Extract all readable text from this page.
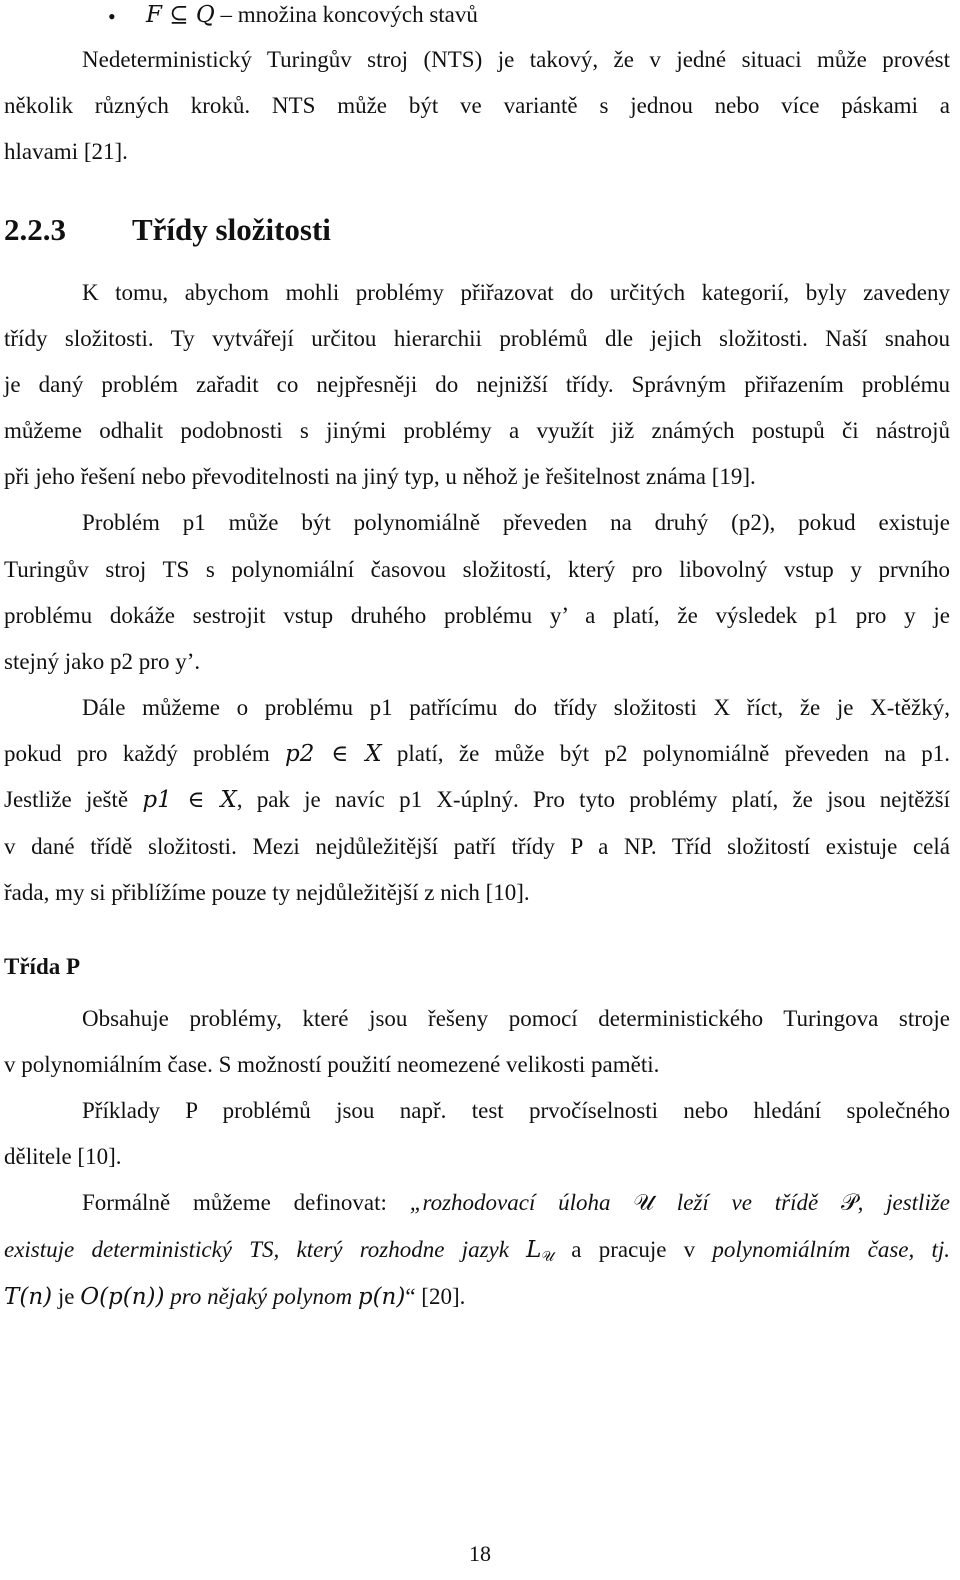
• F ⊆ Q – množina koncových stavů
Nedeterministický Turingův stroj (NTS) je takový, že v jedné situaci může provést
několik různých kroků. NTS může být ve variantě s jednou nebo více páskami a
hlavami [21].
2.2.3 Třídy složitosti
K tomu, abychom mohli problémy přiřazovat do určitých kategorií, byly zavedeny
třídy složitosti. Ty vytvářejí určitou hierarchii problémů dle jejich složitosti. Naší snahou
je daný problém zařadit co nejpřesněji do nejnižší třídy. Správným přiřazením problému
můžeme odhalit podobnosti s jinými problémy a využít již známých postupů či nástrojů
při jeho řešení nebo převoditelnosti na jiný typ, u něhož je řešitelnost známa [19].
Problém p1 může být polynomiálně převeden na druhý (p2), pokud existuje
Turingův stroj TS s polynomiální časovou složitostí, který pro libovolný vstup y prvního
problému dokáže sestrojit vstup druhého problému y’ a platí, že výsledek p1 pro y je
stejný jako p2 pro y’.
Dále můžeme o problému p1 patřícímu do třídy složitosti X říct, že je X-těžký,
pokud pro každý problém p2 ∈ X platí, že může být p2 polynomiálně převeden na p1.
Jestliže ještě p1 ∈ X, pak je navíc p1 X-úplný. Pro tyto problémy platí, že jsou nejtěžší
v dané třídě složitosti. Mezi nejdůležitější patří třídy P a NP. Tříd složitostí existuje celá
řada, my si přiblížíme pouze ty nejdůležitější z nich [10].
Třída P
Obsahuje problémy, které jsou řešeny pomocí deterministického Turingova stroje
v polynomiálním čase. S možností použití neomezené velikosti paměti.
Příklady P problémů jsou např. test prvočíselnosti nebo hledání společného
dělitele [10].
Formálně můžeme definovat: „rozhodovací úloha 𝒰 leží ve třídě 𝒫, jestliže
existuje deterministický TS, který rozhodne jazyk $L_𝒰$ a pracuje v polynomiálním čase, tj.
T(n) je O(p(n)) pro nějaký polynom p(n)“ [20].
18
